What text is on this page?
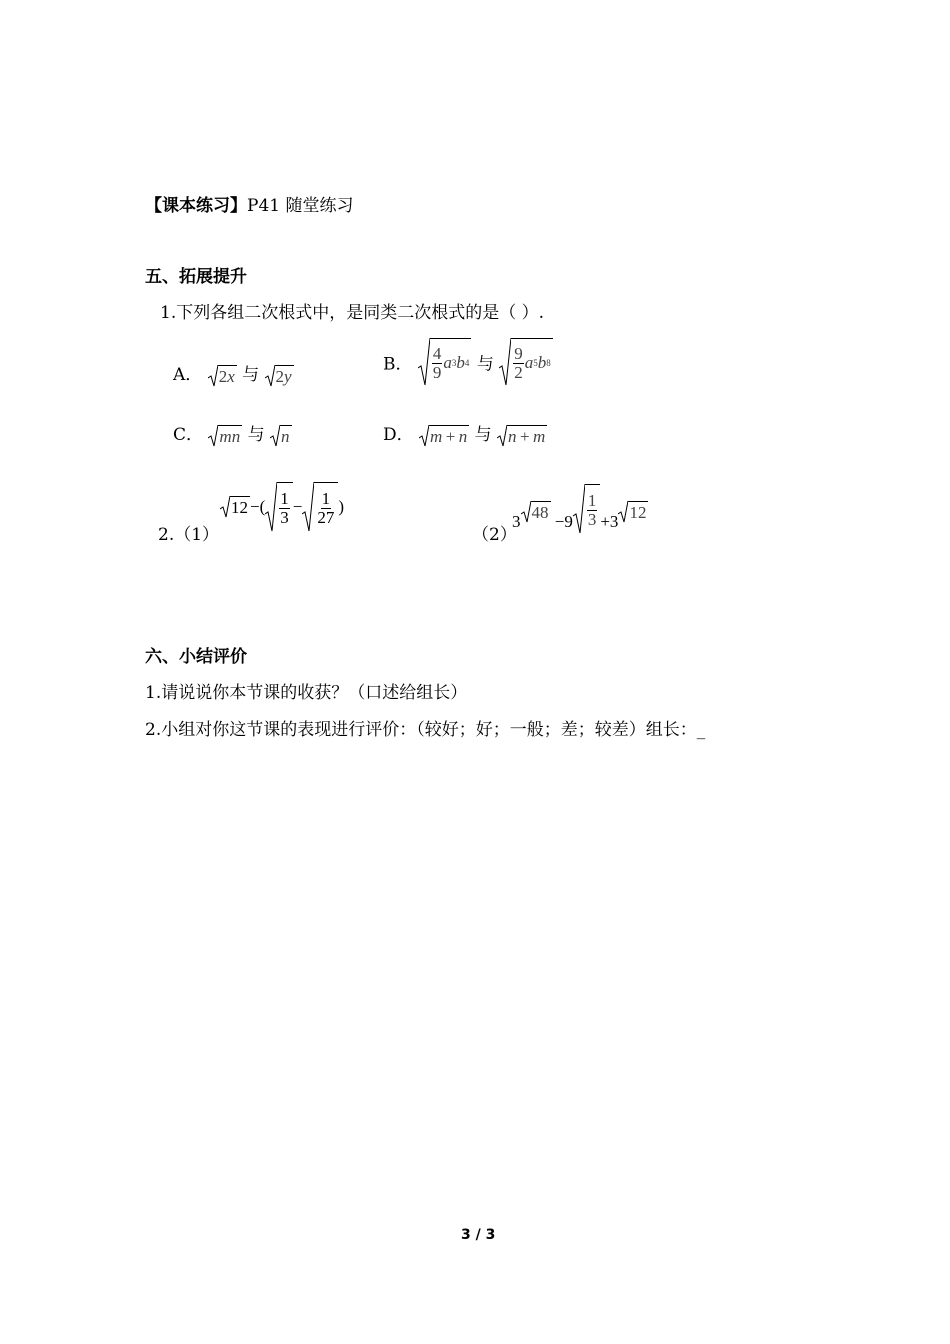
【课本练习】P41 随堂练习
五、拓展提升
1.下列各组二次根式中，是同类二次根式的是（ ）.
A． 2 x 与 2 y
B． $\frac{4}{9}$ a 3 b 4 与 $\frac{9}{2}$ a 5 b 8
C． mn 与 n	D． m  +  n 与 n  +  m
2.（1）
12 −( $\frac{1}{3} - \frac{1}{27}$ )
（2）
3 $48 -9 \frac{1}{3} +3$ 12
六、小结评价
1.请说说你本节课的收获？（口述给组长）
2.小组对你这节课的表现进行评价：（较好；好；一般；差；较差）组长：_
3 / 3
